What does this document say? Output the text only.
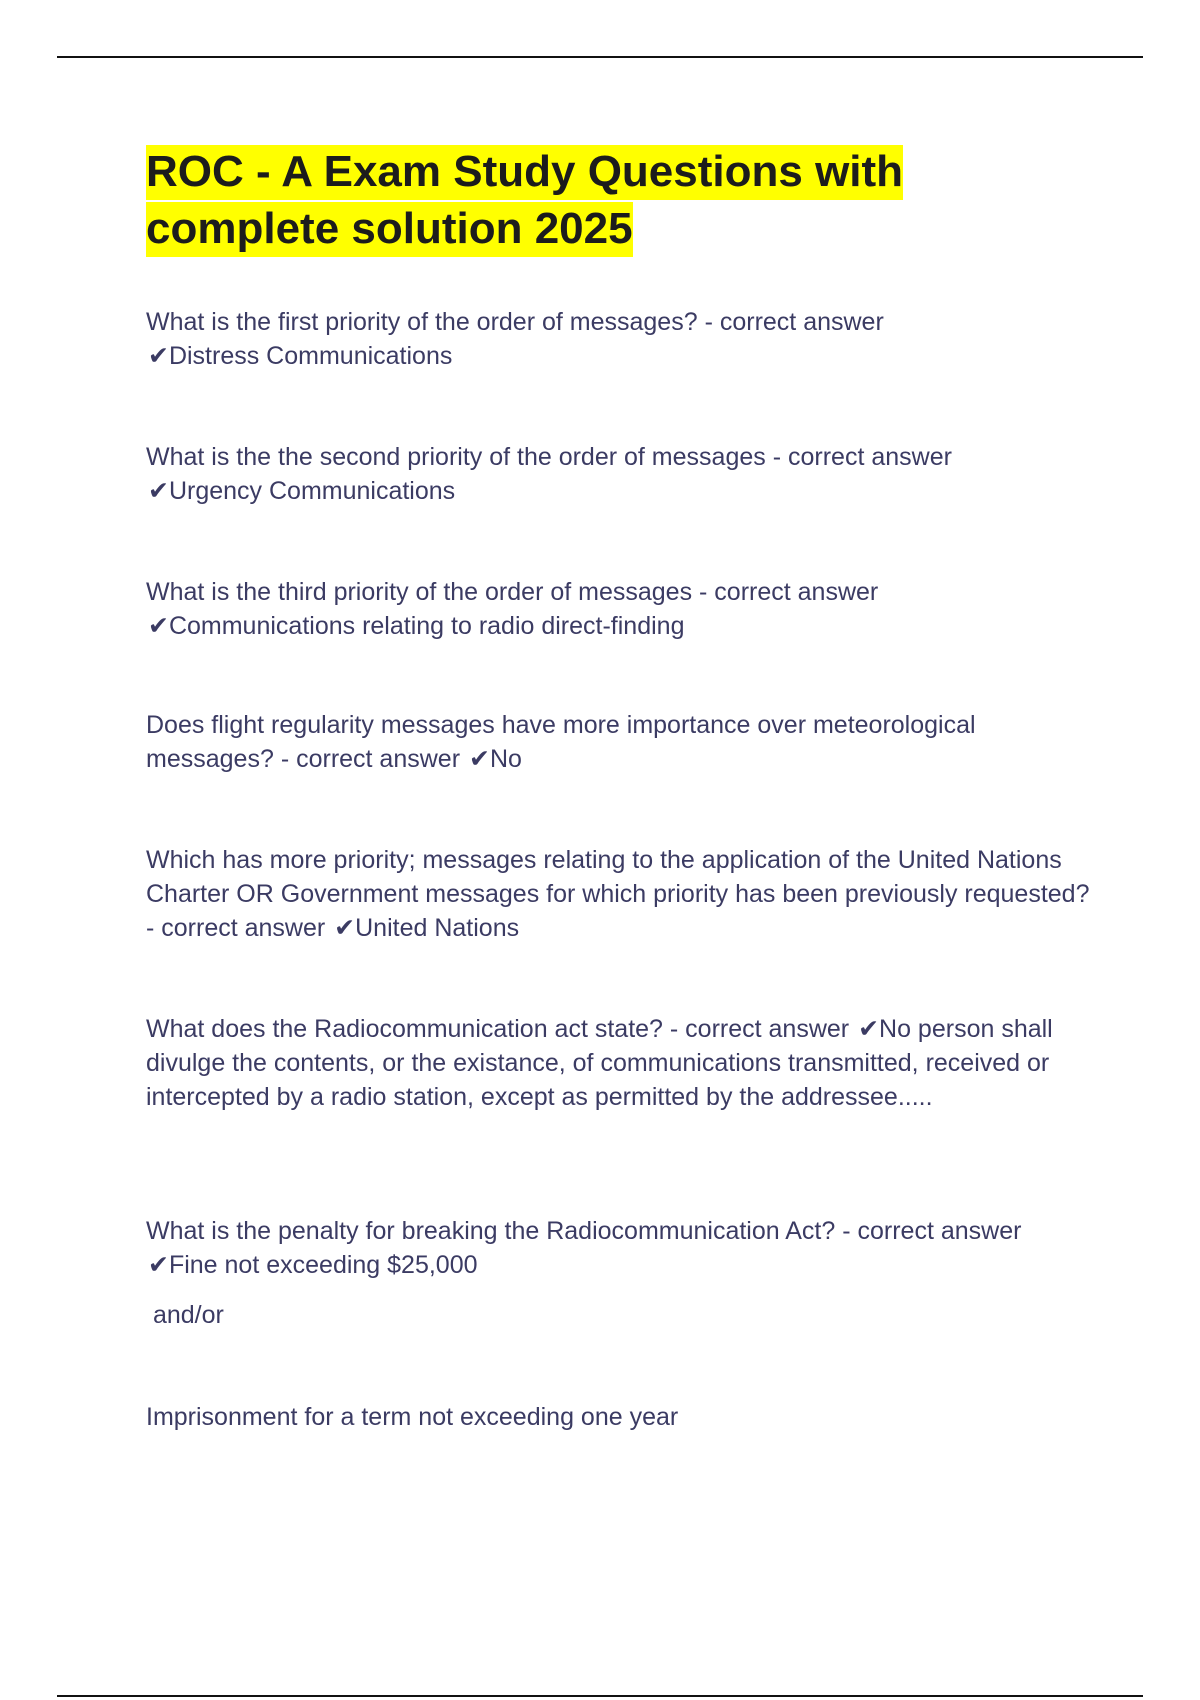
ROC - A Exam Study Questions with
complete solution 2025

What is the first priority of the order of messages? - correct answer
✔Distress Communications

What is the the second priority of the order of messages - correct answer
✔Urgency Communications

What is the third priority of the order of messages - correct answer
✔Communications relating to radio direct-finding

Does flight regularity messages have more importance over meteorological messages? - correct answer ✔No

Which has more priority; messages relating to the application of the United Nations Charter OR Government messages for which priority has been previously requested? - correct answer ✔United Nations

What does the Radiocommunication act state? - correct answer ✔No person shall divulge the contents, or the existance, of communications transmitted, received or intercepted by a radio station, except as permitted by the addressee.....

What is the penalty for breaking the Radiocommunication Act? - correct answer ✔Fine not exceeding $25,000

and/or

Imprisonment for a term not exceeding one year
